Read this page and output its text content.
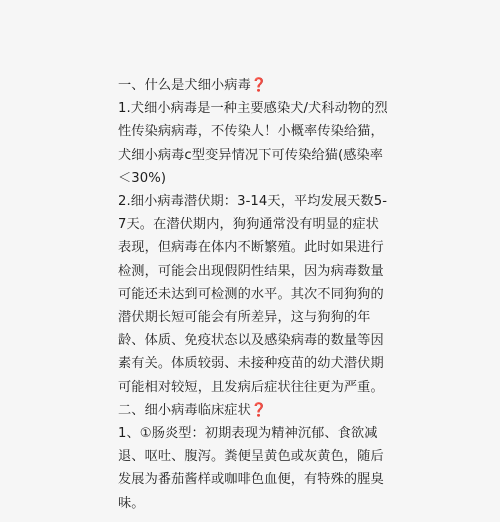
一、什么是犬细小病毒❓

1.犬细小病毒是一种主要感染犬/犬科动物的烈性传染病病毒，不传染人！小概率传染给猫，犬细小病毒c型变异情况下可传染给猫(感染率＜30%)

2.细小病毒潜伏期：3-14天，平均发展天数5-7天。在潜伏期内，狗狗通常没有明显的症状表现，但病毒在体内不断繁殖。此时如果进行检测，可能会出现假阴性结果，因为病毒数量可能还未达到可检测的水平。其次不同狗狗的潜伏期长短可能会有所差异，这与狗狗的年龄、体质、免疫状态以及感染病毒的数量等因素有关。体质较弱、未接种疫苗的幼犬潜伏期可能相对较短，且发病后症状往往更为严重。

二、细小病毒临床症状❓

1、①肠炎型：初期表现为精神沉郁、食欲减退、呕吐、腹泻。粪便呈黄色或灰黄色，随后发展为番茄酱样或咖啡色血便，有特殊的腥臭味。
